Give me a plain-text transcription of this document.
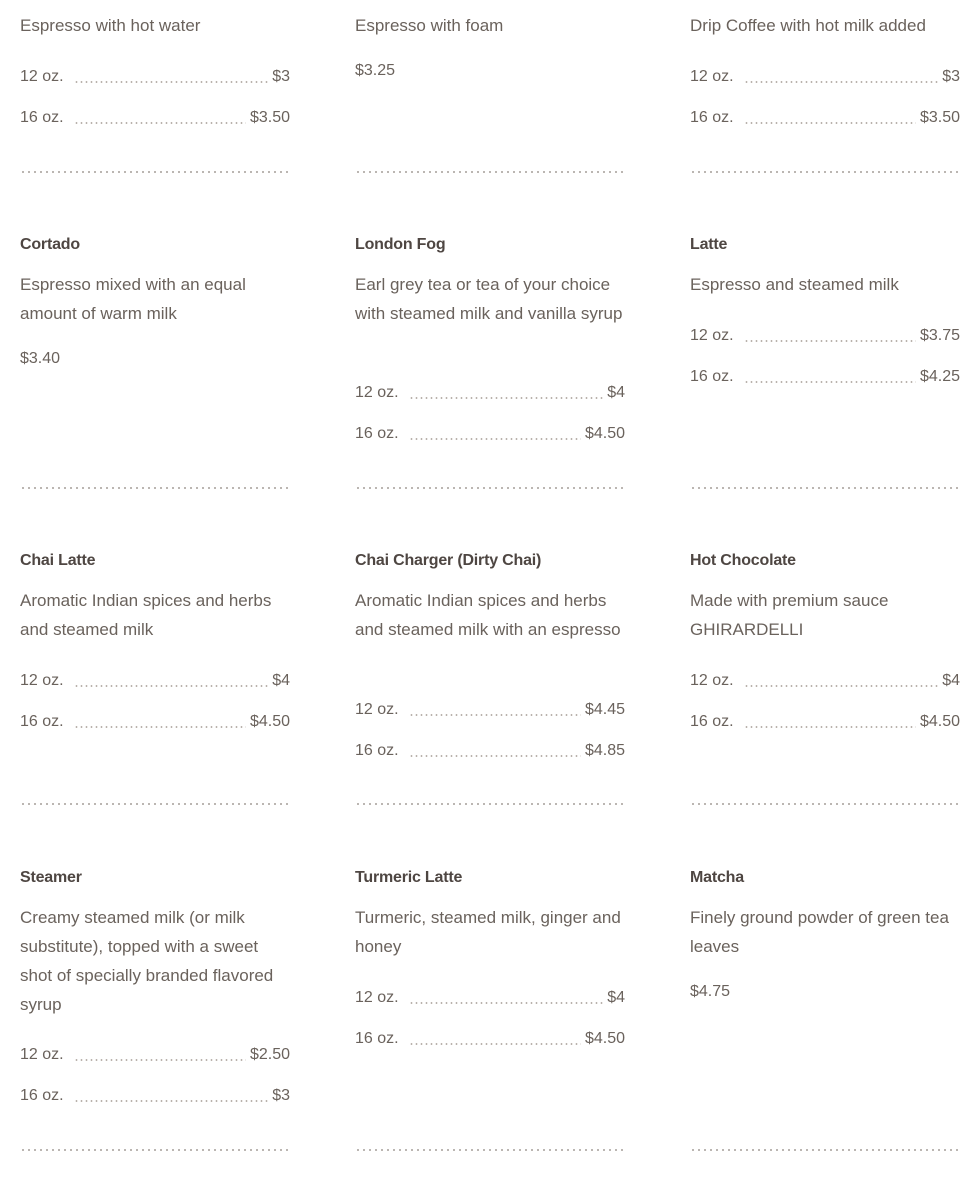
Espresso with hot water

12 oz.	$3
16 oz.	$3.50

Espresso with foam

$3.25

Drip Coffee with hot milk added

12 oz.	$3
16 oz.	$3.50
Cortado

Espresso mixed with an equal amount of warm milk

$3.40
London Fog

Earl grey tea or tea of your choice with steamed milk and vanilla syrup

12 oz.	$4
16 oz.	$4.50
Latte

Espresso and steamed milk

12 oz.	$3.75
16 oz.	$4.25
Chai Latte

Aromatic Indian spices and herbs and steamed milk

12 oz.	$4
16 oz.	$4.50
Chai Charger (Dirty Chai)

Aromatic Indian spices and herbs and steamed milk with an espresso

12 oz.	$4.45
16 oz.	$4.85
Hot Chocolate

Made with premium sauce GHIRARDELLI

12 oz.	$4
16 oz.	$4.50
Steamer

Creamy steamed milk (or milk substitute), topped with a sweet shot of specially branded flavored syrup

12 oz.	$2.50
16 oz.	$3
Turmeric Latte

Turmeric, steamed milk, ginger and honey

12 oz.	$4
16 oz.	$4.50
Matcha

Finely ground powder of green tea leaves

$4.75
